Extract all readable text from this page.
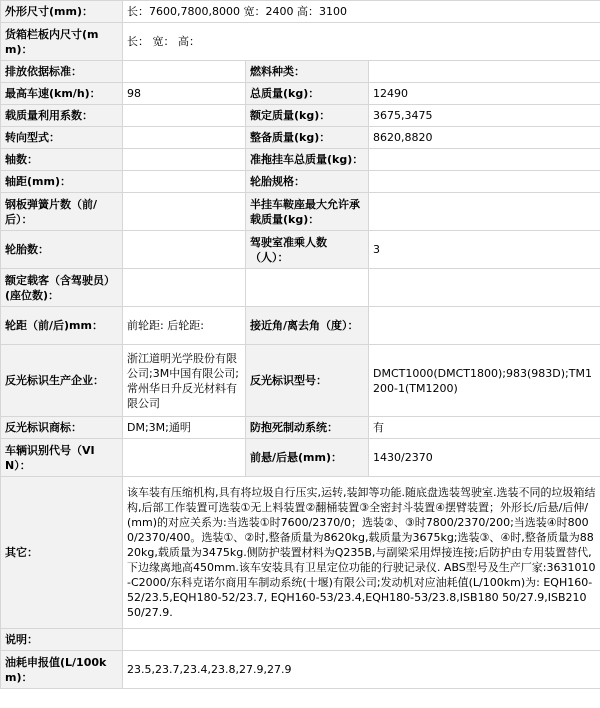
外形尺寸(mm)：	长：7600,7800,8000 宽：2400 高：3100		
货箱栏板内尺寸(mm)：	长： 宽： 高：		
排放依据标准：		燃料种类：	
最高车速(km/h)：	98	总质量(kg)：	12490
载质量利用系数：		额定质量(kg)：	3675,3475
转向型式：		整备质量(kg)：	8620,8820
轴数：		准拖挂车总质量(kg)：	
轴距(mm)：		轮胎规格：	
钢板弹簧片数（前/后）：		半挂车鞍座最大允许承载质量(kg)：	
轮胎数：		驾驶室准乘人数（人）：	3
额定载客（含驾驶员）(座位数)：			
轮距（前/后)mm：	前轮距: 后轮距:	接近角/离去角（度）：	
反光标识生产企业：	浙江道明光学股份有限公司;3M中国有限公司;常州华日升反光材料有限公司	反光标识型号：	DMCT1000(DMCT1800);983(983D);TM1200-1(TM1200)
反光标识商标：	DM;3M;通明	防抱死制动系统：	有
车辆识别代号（VIN）：		前悬/后悬(mm)：	1430/2370
其它：	该车装有压缩机构,具有将垃圾自行压实,运转,装卸等功能.随底盘选装驾驶室.选装不同的垃圾箱结构,后部工作装置可选装①无上料装置②翻桶装置③全密封斗装置④摆臂装置；外形长/后悬/后伸/(mm)的对应关系为:当选装①时7600/2370/0；选装②、③时7800/2370/200;当选装④时8000/2370/400。选装①、②时,整备质量为8620kg,载质量为3675kg;选装③、④时,整备质量为8820kg,载质量为3475kg.侧防护装置材料为Q235B,与副梁采用焊接连接;后防护由专用装置替代,下边缘离地高450mm.该车安装具有卫星定位功能的行驶记录仪. ABS型号及生产厂家:3631010-C2000/东科克诺尔商用车制动系统(十堰)有限公司;发动机对应油耗值(L/100km)为: EQH160-52/23.5,EQH180-52/23.7, EQH160-53/23.4,EQH180-53/23.8,ISB180 50/27.9,ISB210 50/27.9.		
说明：			
油耗申报值(L/100km)：	23.5,23.7,23.4,23.8,27.9,27.9		
